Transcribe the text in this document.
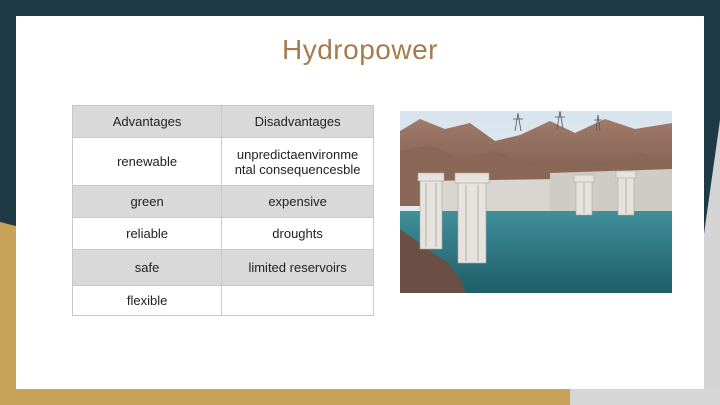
Hydropower
Advantages	Disadvantages
renewable	unpredictaenvironme ntal consequencesble
green	expensive
reliable	droughts
safe	limited reservoirs
flexible	
